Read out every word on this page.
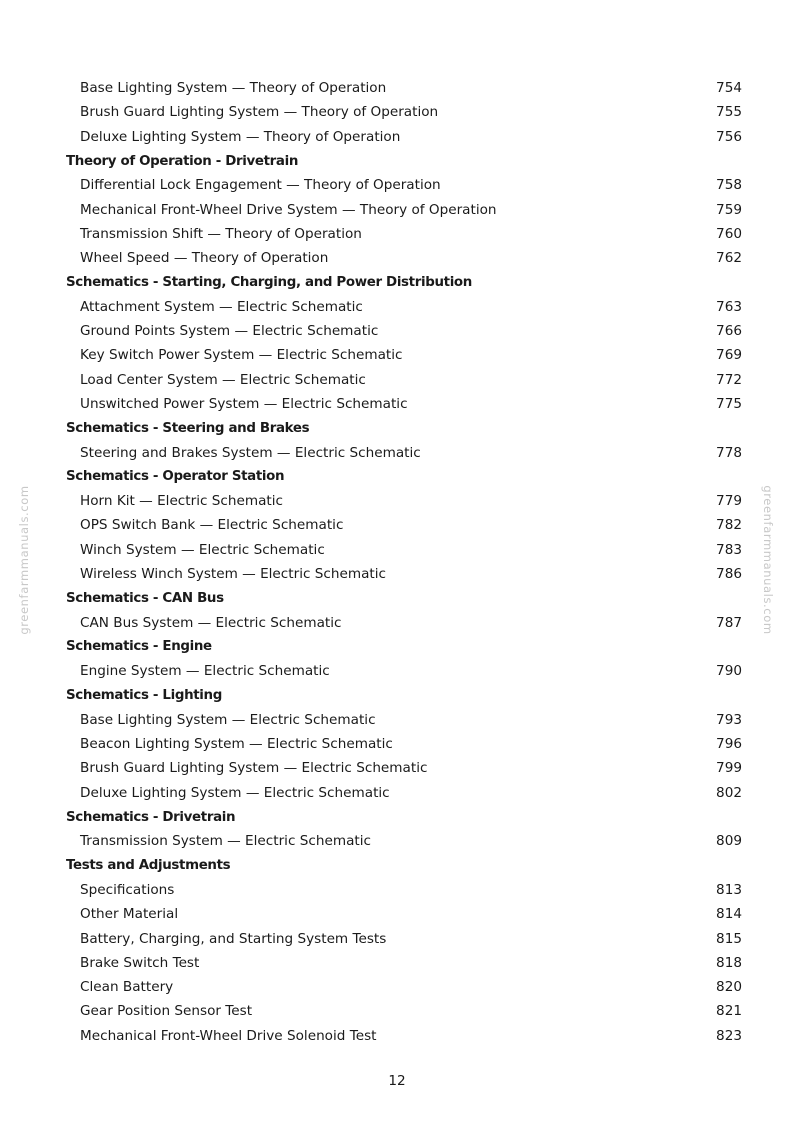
greenfarmmanuals.com	greenfarmmanuals.com
Base Lighting System — Theory of Operation	754
Brush Guard Lighting System — Theory of Operation	755
Deluxe Lighting System — Theory of Operation	756
Theory of Operation - Drivetrain
Differential Lock Engagement — Theory of Operation	758
Mechanical Front-Wheel Drive System — Theory of Operation	759
Transmission Shift — Theory of Operation	760
Wheel Speed — Theory of Operation	762
Schematics - Starting, Charging, and Power Distribution
Attachment System — Electric Schematic	763
Ground Points System — Electric Schematic	766
Key Switch Power System — Electric Schematic	769
Load Center System — Electric Schematic	772
Unswitched Power System — Electric Schematic	775
Schematics - Steering and Brakes
Steering and Brakes System — Electric Schematic	778
Schematics - Operator Station
Horn Kit — Electric Schematic	779
OPS Switch Bank — Electric Schematic	782
Winch System — Electric Schematic	783
Wireless Winch System — Electric Schematic	786
Schematics - CAN Bus
CAN Bus System — Electric Schematic	787
Schematics - Engine
Engine System — Electric Schematic	790
Schematics - Lighting
Base Lighting System — Electric Schematic	793
Beacon Lighting System — Electric Schematic	796
Brush Guard Lighting System — Electric Schematic	799
Deluxe Lighting System — Electric Schematic	802
Schematics - Drivetrain
Transmission System — Electric Schematic	809
Tests and Adjustments
Specifications	813
Other Material	814
Battery, Charging, and Starting System Tests	815
Brake Switch Test	818
Clean Battery	820
Gear Position Sensor Test	821
Mechanical Front-Wheel Drive Solenoid Test	823
12
